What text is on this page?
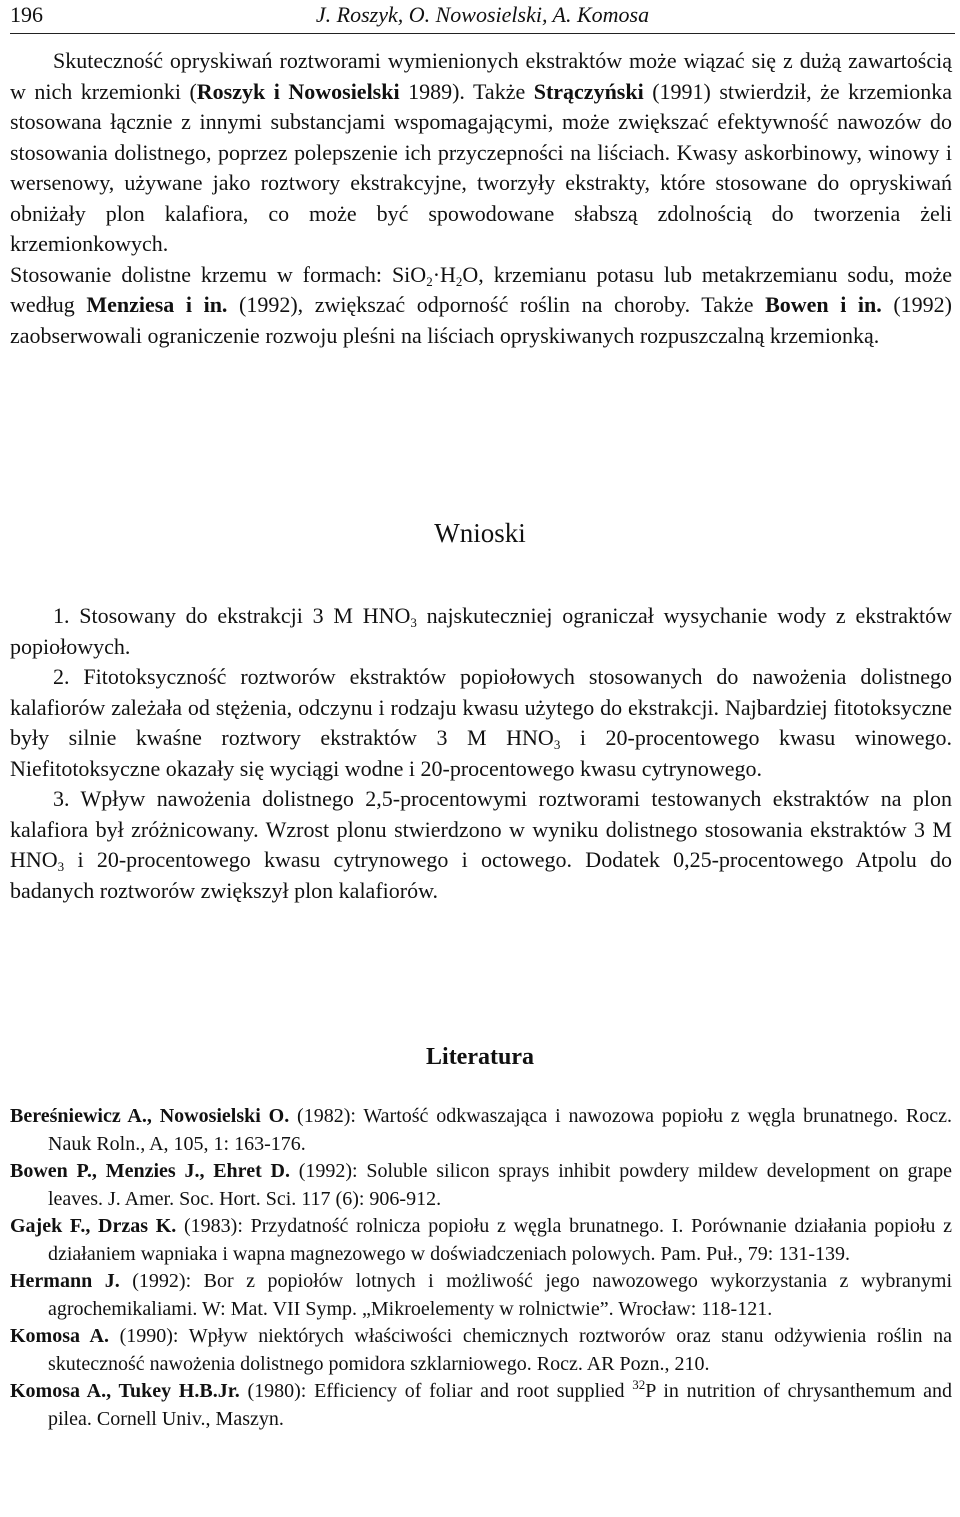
196	J. Roszyk, O. Nowosielski, A. Komosa

Skuteczność opryskiwań roztworami wymienionych ekstraktów może wiązać się z dużą zawartością w nich krzemionki (Roszyk i Nowosielski 1989). Także Strączyński (1991) stwierdził, że krzemionka stosowana łącznie z innymi substancjami wspomagającymi, może zwiększać efektywność nawozów do stosowania dolistnego, poprzez polepszenie ich przyczepności na liściach. Kwasy askorbinowy, winowy i wersenowy, używane jako roztwory ekstrakcyjne, tworzyły ekstrakty, które stosowane do opryskiwań obniżały plon kalafiora, co może być spowodowane słabszą zdolnością do tworzenia żeli krzemionkowych.

Stosowanie dolistne krzemu w formach: $SiO_2\cdot H_2O$, krzemianu potasu lub metakrzemianu sodu, może według Menziesa i in. (1992), zwiększać odporność roślin na choroby. Także Bowen i in. (1992) zaobserwowali ograniczenie rozwoju pleśni na liściach opryskiwanych rozpuszczalną krzemionką.

Wnioski

1. Stosowany do ekstrakcji 3 M $HNO_3$ najskuteczniej ograniczał wysychanie wody z ekstraktów popiołowych.

2. Fitotoksyczność roztworów ekstraktów popiołowych stosowanych do nawożenia dolistnego kalafiorów zależała od stężenia, odczynu i rodzaju kwasu użytego do ekstrakcji. Najbardziej fitotoksyczne były silnie kwaśne roztwory ekstraktów 3 M $HNO_3$ i 20-procentowego kwasu winowego. Niefitotoksyczne okazały się wyciągi wodne i 20-procentowego kwasu cytrynowego.

3. Wpływ nawożenia dolistnego 2,5-procentowymi roztworami testowanych ekstraktów na plon kalafiora był zróżnicowany. Wzrost plonu stwierdzono w wyniku dolistnego stosowania ekstraktów 3 M $HNO_3$ i 20-procentowego kwasu cytrynowego i octowego. Dodatek 0,25-procentowego Atpolu do badanych roztworów zwiększył plon kalafiorów.

Literatura

Bereśniewicz A., Nowosielski O. (1982): Wartość odkwaszająca i nawozowa popiołu z węgla brunatnego. Rocz. Nauk Roln., A, 105, 1: 163-176.

Bowen P., Menzies J., Ehret D. (1992): Soluble silicon sprays inhibit powdery mildew development on grape leaves. J. Amer. Soc. Hort. Sci. 117 (6): 906-912.

Gajek F., Drzas K. (1983): Przydatność rolnicza popiołu z węgla brunatnego. I. Porównanie działania popiołu z działaniem wapniaka i wapna magnezowego w doświadczeniach polowych. Pam. Puł., 79: 131-139.

Hermann J. (1992): Bor z popiołów lotnych i możliwość jego nawozowego wykorzystania z wybranymi agrochemikaliami. W: Mat. VII Symp. „Mikroelementy w rolnictwie”. Wrocław: 118-121.

Komosa A. (1990): Wpływ niektórych właściwości chemicznych roztworów oraz stanu odżywienia roślin na skuteczność nawożenia dolistnego pomidora szklarniowego. Rocz. AR Pozn., 210.

Komosa A., Tukey H.B.Jr. (1980): Efficiency of foliar and root supplied $^{32}$P in nutrition of chrysanthemum and pilea. Cornell Univ., Maszyn.
